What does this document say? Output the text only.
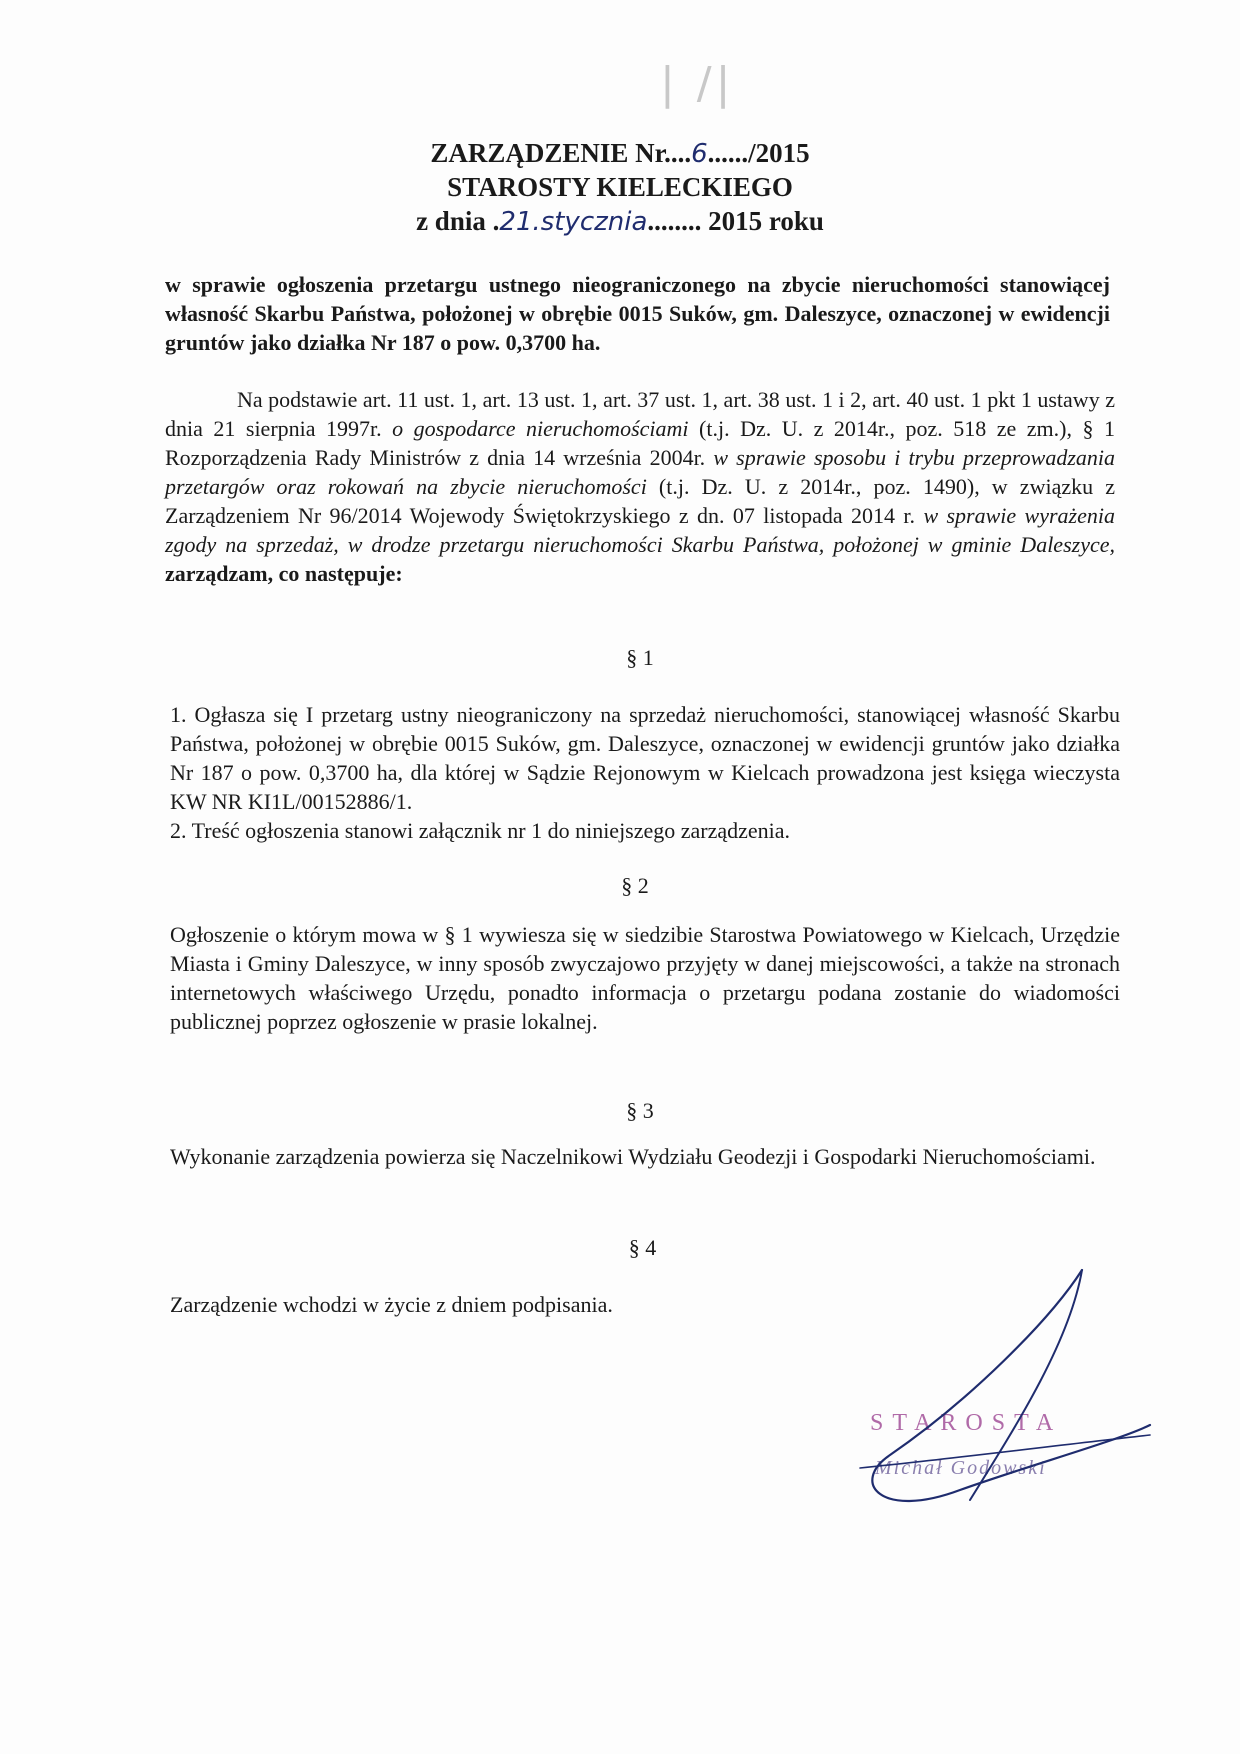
| /|
ZARZĄDZENIE Nr....6....../2015
STAROSTY KIELECKIEGO
z dnia .21.stycznia........ 2015 roku
w sprawie ogłoszenia przetargu ustnego nieograniczonego na zbycie nieruchomości stanowiącej własność Skarbu Państwa, położonej w obrębie 0015 Suków, gm. Daleszyce, oznaczonej w ewidencji gruntów jako działka Nr 187 o pow. 0,3700 ha.
Na podstawie art. 11 ust. 1, art. 13 ust. 1, art. 37 ust. 1, art. 38 ust. 1 i 2, art. 40 ust. 1 pkt 1 ustawy z dnia 21 sierpnia 1997r. o gospodarce nieruchomościami (t.j. Dz. U. z 2014r., poz. 518 ze zm.), § 1 Rozporządzenia Rady Ministrów z dnia 14 września 2004r. w sprawie sposobu i trybu przeprowadzania przetargów oraz rokowań na zbycie nieruchomości (t.j. Dz. U. z 2014r., poz. 1490), w związku z Zarządzeniem Nr 96/2014 Wojewody Świętokrzyskiego z dn. 07 listopada 2014 r. w sprawie wyrażenia zgody na sprzedaż, w drodze przetargu nieruchomości Skarbu Państwa, położonej w gminie Daleszyce, zarządzam, co następuje:
§ 1
1. Ogłasza się I przetarg ustny nieograniczony na sprzedaż nieruchomości, stanowiącej własność Skarbu Państwa, położonej w obrębie 0015 Suków, gm. Daleszyce, oznaczonej w ewidencji gruntów jako działka Nr 187 o pow. 0,3700 ha, dla której w Sądzie Rejonowym w Kielcach prowadzona jest księga wieczysta KW NR KI1L/00152886/1.
2. Treść ogłoszenia stanowi załącznik nr 1 do niniejszego zarządzenia.
§ 2
Ogłoszenie o którym mowa w § 1 wywiesza się w siedzibie Starostwa Powiatowego w Kielcach, Urzędzie Miasta i Gminy Daleszyce, w inny sposób zwyczajowo przyjęty w danej miejscowości, a także na stronach internetowych właściwego Urzędu, ponadto informacja o przetargu podana zostanie do wiadomości publicznej poprzez ogłoszenie w prasie lokalnej.
§ 3
Wykonanie zarządzenia powierza się Naczelnikowi Wydziału Geodezji i Gospodarki Nieruchomościami.
§ 4
Zarządzenie wchodzi w życie z dniem podpisania.
STAROSTA
Michał Godowski
